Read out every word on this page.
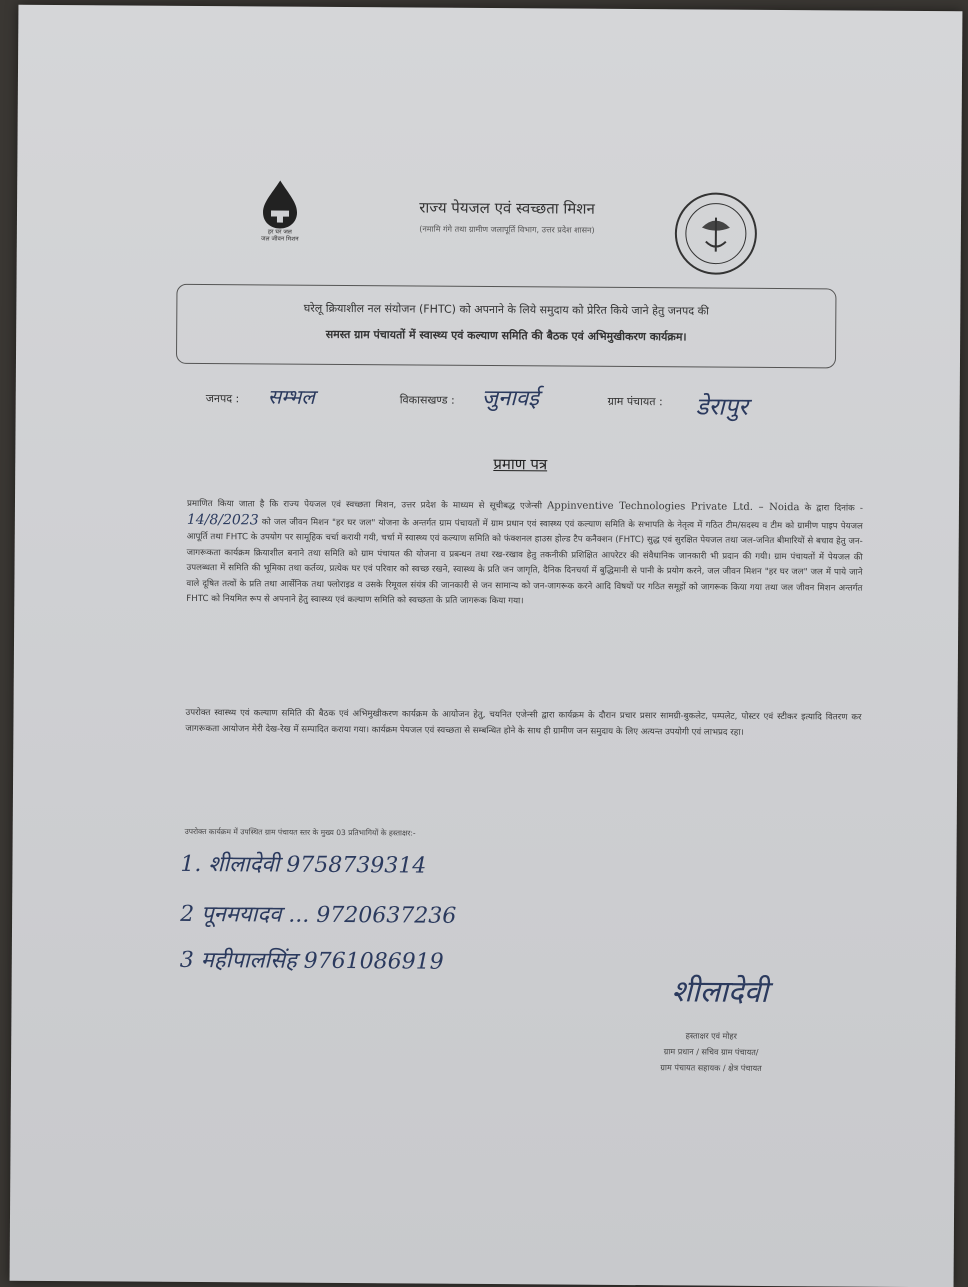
हर घर जल
जल जीवन मिशन
राज्य पेयजल एवं स्वच्छता मिशन
(नमामि गंगे तथा ग्रामीण जलापूर्ति विभाग, उत्तर प्रदेश शासन)
घरेलू क्रियाशील नल संयोजन (FHTC) को अपनाने के लिये समुदाय को प्रेरित किये जाने हेतु जनपद की
समस्त ग्राम पंचायतों में स्वास्थ्य एवं कल्याण समिति की बैठक एवं अभिमुखीकरण कार्यक्रम।
जनपद : सम्भल	विकासखण्ड : जुनावई	ग्राम पंचायत : डेरापुर
प्रमाण पत्र
प्रमाणित किया जाता है कि राज्य पेयजल एवं स्वच्छता मिशन, उत्तर प्रदेश के माध्यम से सूचीबद्ध एजेन्सी Appinventive Technologies Private Ltd. – Noida के द्वारा दिनांक - 14/8/2023 को जल जीवन मिशन "हर घर जल" योजना के अन्तर्गत ग्राम पंचायतों में ग्राम प्रधान एवं स्वास्थ्य एवं कल्याण समिति के सभापति के नेतृत्व में गठित टीम/सदस्य व टीम को ग्रामीण पाइप पेयजल आपूर्ति तथा FHTC के उपयोग पर सामूहिक चर्चा करायी गयी, चर्चा में स्वास्थ्य एवं कल्याण समिति को फंक्शनल हाउस होल्ड टैप कनैक्शन (FHTC) सुद्ध एवं सुरक्षित पेयजल तथा जल-जनित बीमारियों से बचाव हेतु जन-जागरूकता कार्यक्रम क्रियाशील बनाने तथा समिति को ग्राम पंचायत की योजना व प्रबन्धन तथा रख-रखाव हेतु तकनीकी प्रशिक्षित आपरेटर की संवैधानिक जानकारी भी प्रदान की गयी। ग्राम पंचायतों में पेयजल की उपलब्धता में समिति की भूमिका तथा कर्तव्य, प्रत्येक घर एवं परिवार को स्वच्छ रखने, स्वास्थ्य के प्रति जन जागृति, दैनिक दिनचर्या में बुद्धिमानी से पानी के प्रयोग करने, जल जीवन मिशन "हर घर जल" जल में पाये जाने वाले दूषित तत्वों के प्रति तथा आर्सेनिक तथा फ्लोराइड व उसके रिमूवल संयंत्र की जानकारी से जन सामान्य को जन-जागरूक करने आदि विषयों पर गठित समूहों को जागरूक किया गया तथा जल जीवन मिशन अन्तर्गत FHTC को नियमित रूप से अपनाने हेतु स्वास्थ्य एवं कल्याण समिति को स्वच्छता के प्रति जागरूक किया गया।
उपरोक्त स्वास्थ्य एवं कल्याण समिति की बैठक एवं अभिमुखीकरण कार्यक्रम के आयोजन हेतु, चयनित एजेन्सी द्वारा कार्यक्रम के दौरान प्रचार प्रसार सामग्री-बुकलेट, पम्पलेट, पोस्टर एवं स्टीकर इत्यादि वितरण कर जागरूकता आयोजन मेरी देख-रेख में सम्पादित कराया गया। कार्यक्रम पेयजल एवं स्वच्छता से सम्बन्धित होने के साथ ही ग्रामीण जन समुदाय के लिए अत्यन्त उपयोगी एवं लाभप्रद रहा।
उपरोक्त कार्यक्रम में उपस्थित ग्राम पंचायत स्तर के मुख्य 03 प्रतिभागियों के हस्ताक्षर:-
1. शीलादेवी 9758739314
2 पूनमयादव ... 9720637236
3 महीपालसिंह 9761086919
शीलादेवी
हस्ताक्षर एवं मोहर
ग्राम प्रधान / सचिव ग्राम पंचायत/
ग्राम पंचायत सहायक / क्षेत्र पंचायत
